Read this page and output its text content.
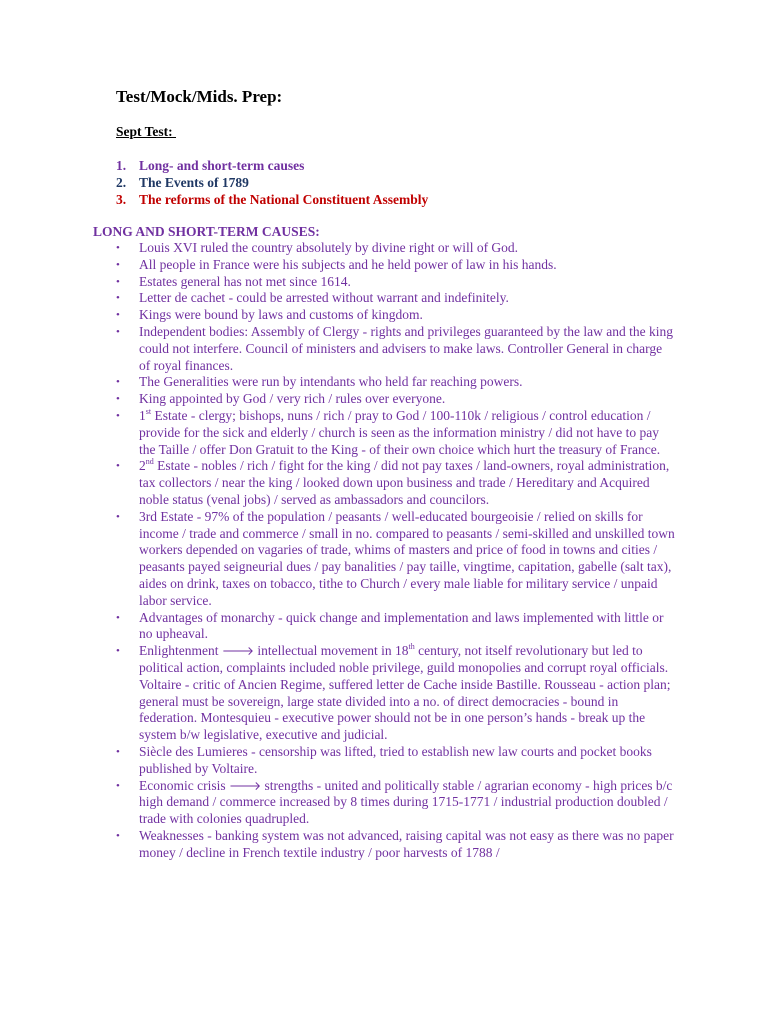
Test/Mock/Mids. Prep:
Sept Test:
1. Long- and short-term causes
2. The Events of 1789
3. The reforms of the National Constituent Assembly
LONG AND SHORT-TERM CAUSES:
• Louis XVI ruled the country absolutely by divine right or will of God.
• All people in France were his subjects and he held power of law in his hands.
• Estates general has not met since 1614.
• Letter de cachet - could be arrested without warrant and indefinitely.
• Kings were bound by laws and customs of kingdom.
• Independent bodies: Assembly of Clergy - rights and privileges guaranteed by the law and the king could not interfere. Council of ministers and advisers to make laws. Controller General in charge of royal finances.
• The Generalities were run by intendants who held far reaching powers.
• King appointed by God / very rich / rules over everyone.
• 1st Estate - clergy; bishops, nuns / rich / pray to God / 100-110k / religious / control education / provide for the sick and elderly / church is seen as the information ministry / did not have to pay the Taille / offer Don Gratuit to the King - of their own choice which hurt the treasury of France.
• 2nd Estate - nobles / rich / fight for the king / did not pay taxes / land-owners, royal administration, tax collectors / near the king / looked down upon business and trade / Hereditary and Acquired noble status (venal jobs) / served as ambassadors and councilors.
• 3rd Estate - 97% of the population / peasants / well-educated bourgeoisie / relied on skills for income / trade and commerce / small in no. compared to peasants / semi-skilled and unskilled town workers depended on vagaries of trade, whims of masters and price of food in towns and cities / peasants payed seigneurial dues / pay banalities / pay taille, vingtime, capitation, gabelle (salt tax), aides on drink, taxes on tobacco, tithe to Church / every male liable for military service / unpaid labor service.
• Advantages of monarchy - quick change and implementation and laws implemented with little or no upheaval.
• Enlightenment 🡒 intellectual movement in 18th century, not itself revolutionary but led to political action, complaints included noble privilege, guild monopolies and corrupt royal officials. Voltaire - critic of Ancien Regime, suffered letter de Cache inside Bastille. Rousseau - action plan; general must be sovereign, large state divided into a no. of direct democracies - bound in federation. Montesquieu - executive power should not be in one person’s hands - break up the system b/w legislative, executive and judicial.
• Siècle des Lumieres - censorship was lifted, tried to establish new law courts and pocket books published by Voltaire.
• Economic crisis 🡒 strengths - united and politically stable / agrarian economy - high prices b/c high demand / commerce increased by 8 times during 1715-1771 / industrial production doubled / trade with colonies quadrupled.
• Weaknesses - banking system was not advanced, raising capital was not easy as there was no paper money / decline in French textile industry / poor harvests of 1788 /
